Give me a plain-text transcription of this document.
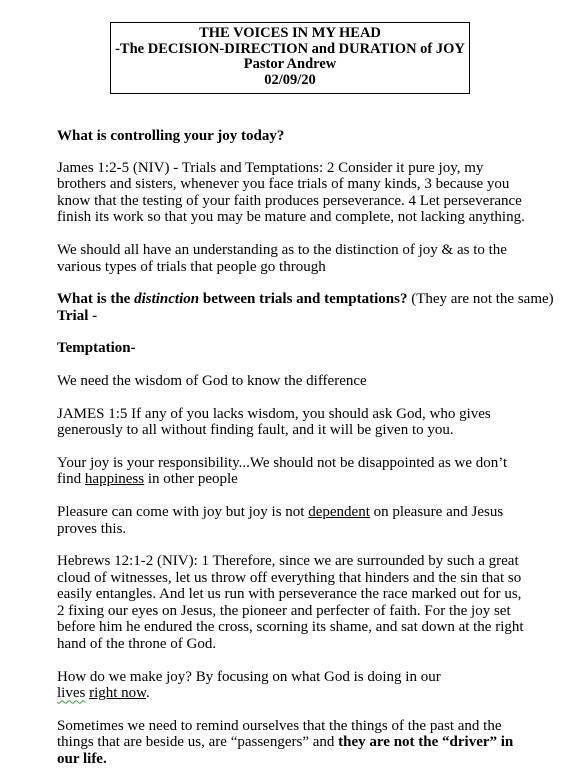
THE VOICES IN MY HEAD
-The DECISION-DIRECTION and DURATION of JOY
Pastor Andrew
02/09/20

What is controlling your joy today?

James 1:2-5 (NIV) - Trials and Temptations: 2 Consider it pure joy, my
brothers and sisters, whenever you face trials of many kinds, 3 because you
know that the testing of your faith produces perseverance. 4 Let perseverance
finish its work so that you may be mature and complete, not lacking anything.
We should all have an understanding as to the distinction of joy & as to the
various types of trials that people go through
What is the distinction between trials and temptations? (They are not the same)
Trial -
Temptation-
We need the wisdom of God to know the difference
JAMES 1:5 If any of you lacks wisdom, you should ask God, who gives
generously to all without finding fault, and it will be given to you.
Your joy is your responsibility...We should not be disappointed as we don’t
find happiness in other people
Pleasure can come with joy but joy is not dependent on pleasure and Jesus
proves this.
Hebrews 12:1-2 (NIV): 1 Therefore, since we are surrounded by such a great
cloud of witnesses, let us throw off everything that hinders and the sin that so
easily entangles. And let us run with perseverance the race marked out for us,
2 fixing our eyes on Jesus, the pioneer and perfecter of faith. For the joy set
before him he endured the cross, scorning its shame, and sat down at the right
hand of the throne of God.
How do we make joy? By focusing on what God is doing in our
lives right now.
Sometimes we need to remind ourselves that the things of the past and the
things that are beside us, are “passengers” and they are not the “driver” in
our life.
